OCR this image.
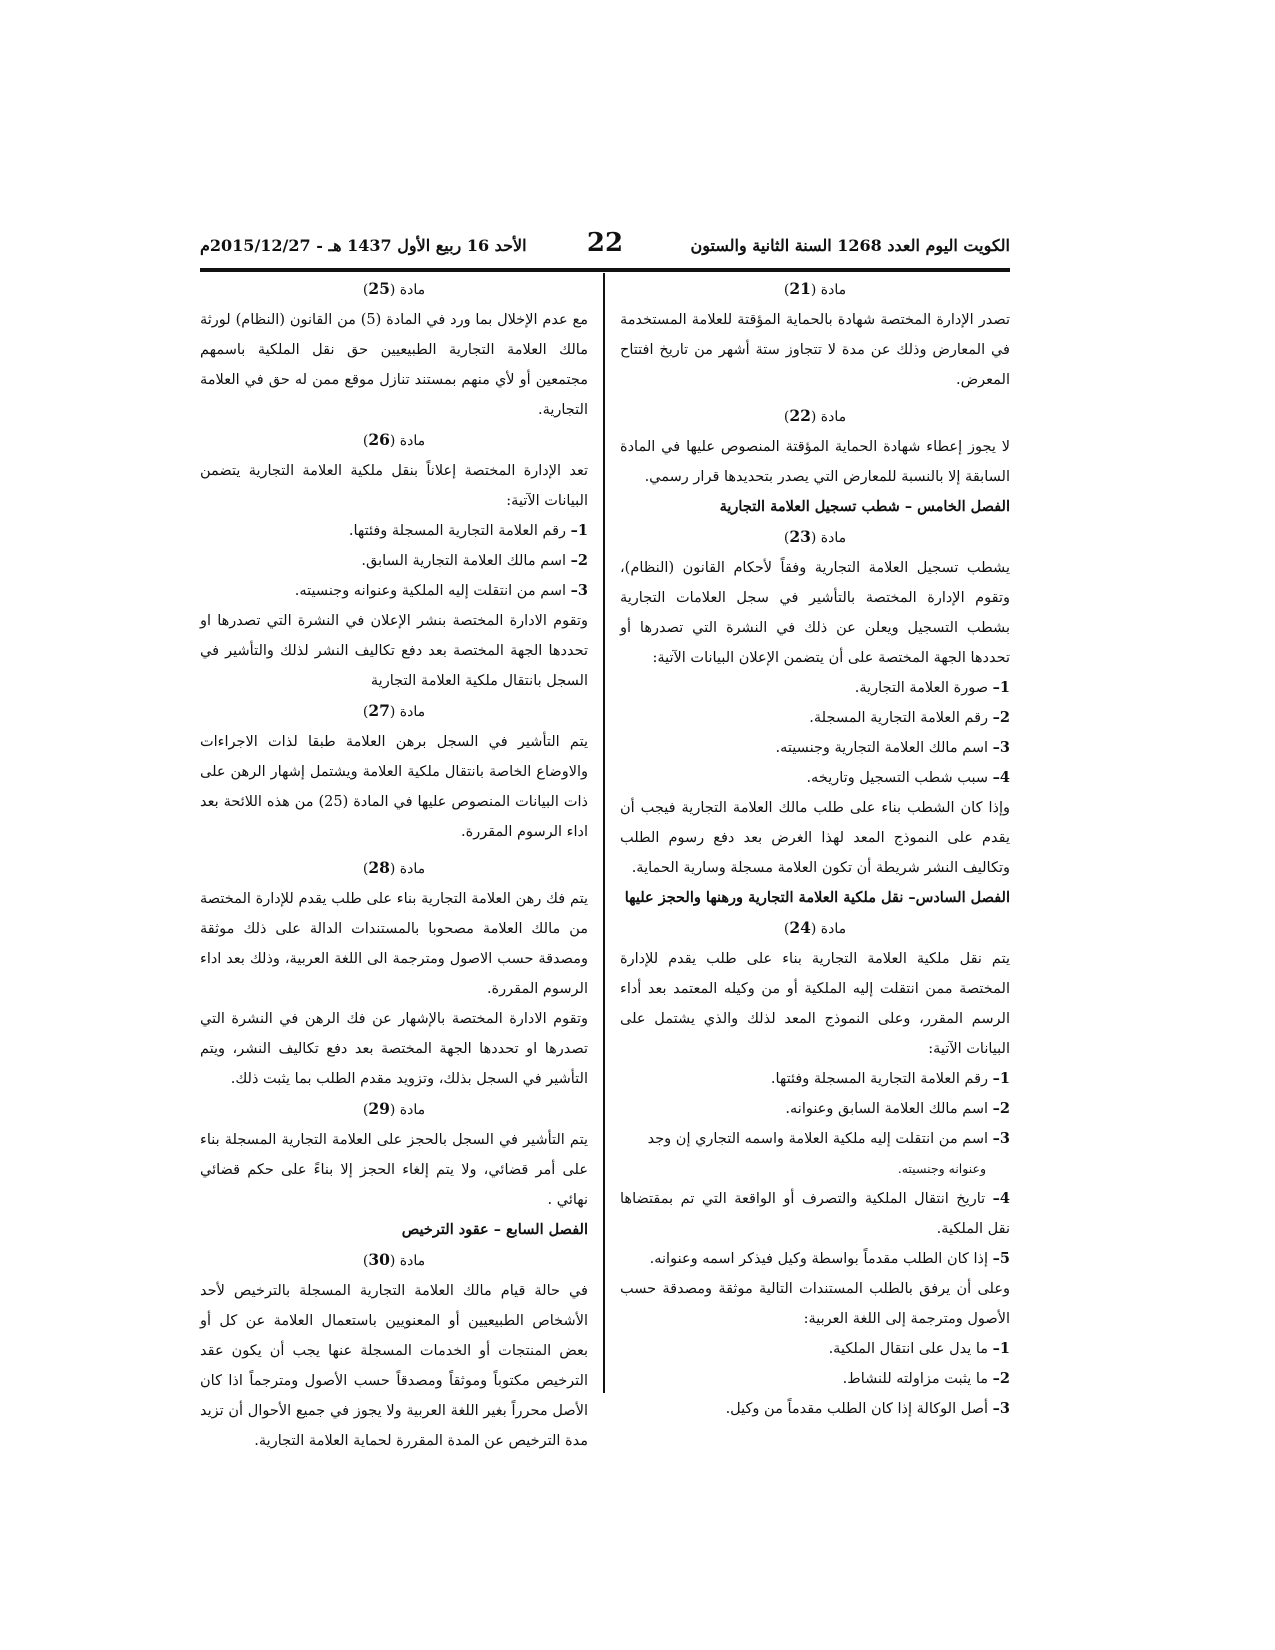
الكويت اليوم العدد 1268 السنة الثانية والستون
22
الأحد 16 ربيع الأول 1437 هـ - 2015/12/27م

مادة (21)

تصدر الإدارة المختصة شهادة بالحماية المؤقتة للعلامة المستخدمة في المعارض وذلك عن مدة لا تتجاوز ستة أشهر من تاريخ افتتاح المعرض.

مادة (22)

لا يجوز إعطاء شهادة الحماية المؤقتة المنصوص عليها في المادة السابقة إلا بالنسبة للمعارض التي يصدر بتحديدها قرار رسمي.

الفصل الخامس – شطب تسجيل العلامة التجارية

مادة (23)

يشطب تسجيل العلامة التجارية وفقاً لأحكام القانون (النظام)، وتقوم الإدارة المختصة بالتأشير في سجل العلامات التجارية بشطب التسجيل ويعلن عن ذلك في النشرة التي تصدرها أو تحددها الجهة المختصة على أن يتضمن الإعلان البيانات الآتية:

1– صورة العلامة التجارية.

2– رقم العلامة التجارية المسجلة.

3– اسم مالك العلامة التجارية وجنسيته.

4– سبب شطب التسجيل وتاريخه.

وإذا كان الشطب بناء على طلب مالك العلامة التجارية فيجب أن يقدم على النموذج المعد لهذا الغرض بعد دفع رسوم الطلب وتكاليف النشر شريطة أن تكون العلامة مسجلة وسارية الحماية.

الفصل السادس– نقل ملكية العلامة التجارية ورهنها والحجز عليها

مادة (24)

يتم نقل ملكية العلامة التجارية بناء على طلب يقدم للإدارة المختصة ممن انتقلت إليه الملكية أو من وكيله المعتمد بعد أداء الرسم المقرر، وعلى النموذج المعد لذلك والذي يشتمل على البيانات الآتية:

1– رقم العلامة التجارية المسجلة وفئتها.

2– اسم مالك العلامة السابق وعنوانه.

3– اسم من انتقلت إليه ملكية العلامة واسمه التجاري إن وجد

وعنوانه وجنسيته.

4– تاريخ انتقال الملكية والتصرف أو الواقعة التي تم بمقتضاها نقل الملكية.

5– إذا كان الطلب مقدماً بواسطة وكيل فيذكر اسمه وعنوانه.

وعلى أن يرفق بالطلب المستندات التالية موثقة ومصدقة حسب الأصول ومترجمة إلى اللغة العربية:

1– ما يدل على انتقال الملكية.

2– ما يثبت مزاولته للنشاط.

3– أصل الوكالة إذا كان الطلب مقدماً من وكيل.

مادة (25)

مع عدم الإخلال بما ورد في المادة (5) من القانون (النظام) لورثة مالك العلامة التجارية الطبيعيين حق نقل الملكية باسمهم مجتمعين أو لأي منهم بمستند تنازل موقع ممن له حق في العلامة التجارية.

مادة (26)

تعد الإدارة المختصة إعلاناً بنقل ملكية العلامة التجارية يتضمن البيانات الآتية:

1– رقم العلامة التجارية المسجلة وفئتها.

2– اسم مالك العلامة التجارية السابق.

3– اسم من انتقلت إليه الملكية وعنوانه وجنسيته.

وتقوم الادارة المختصة بنشر الإعلان في النشرة التي تصدرها او تحددها الجهة المختصة بعد دفع تكاليف النشر لذلك والتأشير في السجل بانتقال ملكية العلامة التجارية

مادة (27)

يتم التأشير في السجل برهن العلامة طبقا لذات الاجراءات والاوضاع الخاصة بانتقال ملكية العلامة ويشتمل إشهار الرهن على ذات البيانات المنصوص عليها في المادة (25) من هذه اللائحة بعد اداء الرسوم المقررة.

مادة (28)

يتم فك رهن العلامة التجارية بناء على طلب يقدم للإدارة المختصة من مالك العلامة مصحوبا بالمستندات الدالة على ذلك موثقة ومصدقة حسب الاصول ومترجمة الى اللغة العربية، وذلك بعد اداء الرسوم المقررة.

وتقوم الادارة المختصة بالإشهار عن فك الرهن في النشرة التي تصدرها او تحددها الجهة المختصة بعد دفع تكاليف النشر، ويتم التأشير في السجل بذلك، وتزويد مقدم الطلب بما يثبت ذلك.

مادة (29)

يتم التأشير في السجل بالحجز على العلامة التجارية المسجلة بناء على أمر قضائي، ولا يتم إلغاء الحجز إلا بناءً على حكم قضائي نهائي .

الفصل السابع – عقود الترخيص

مادة (30)

في حالة قيام مالك العلامة التجارية المسجلة بالترخيص لأحد الأشخاص الطبيعيين أو المعنويين باستعمال العلامة عن كل أو بعض المنتجات أو الخدمات المسجلة عنها يجب أن يكون عقد الترخيص مكتوباً وموثقاً ومصدقاً حسب الأصول ومترجماً اذا كان الأصل محرراً بغير اللغة العربية ولا يجوز في جميع الأحوال أن تزيد مدة الترخيص عن المدة المقررة لحماية العلامة التجارية.
